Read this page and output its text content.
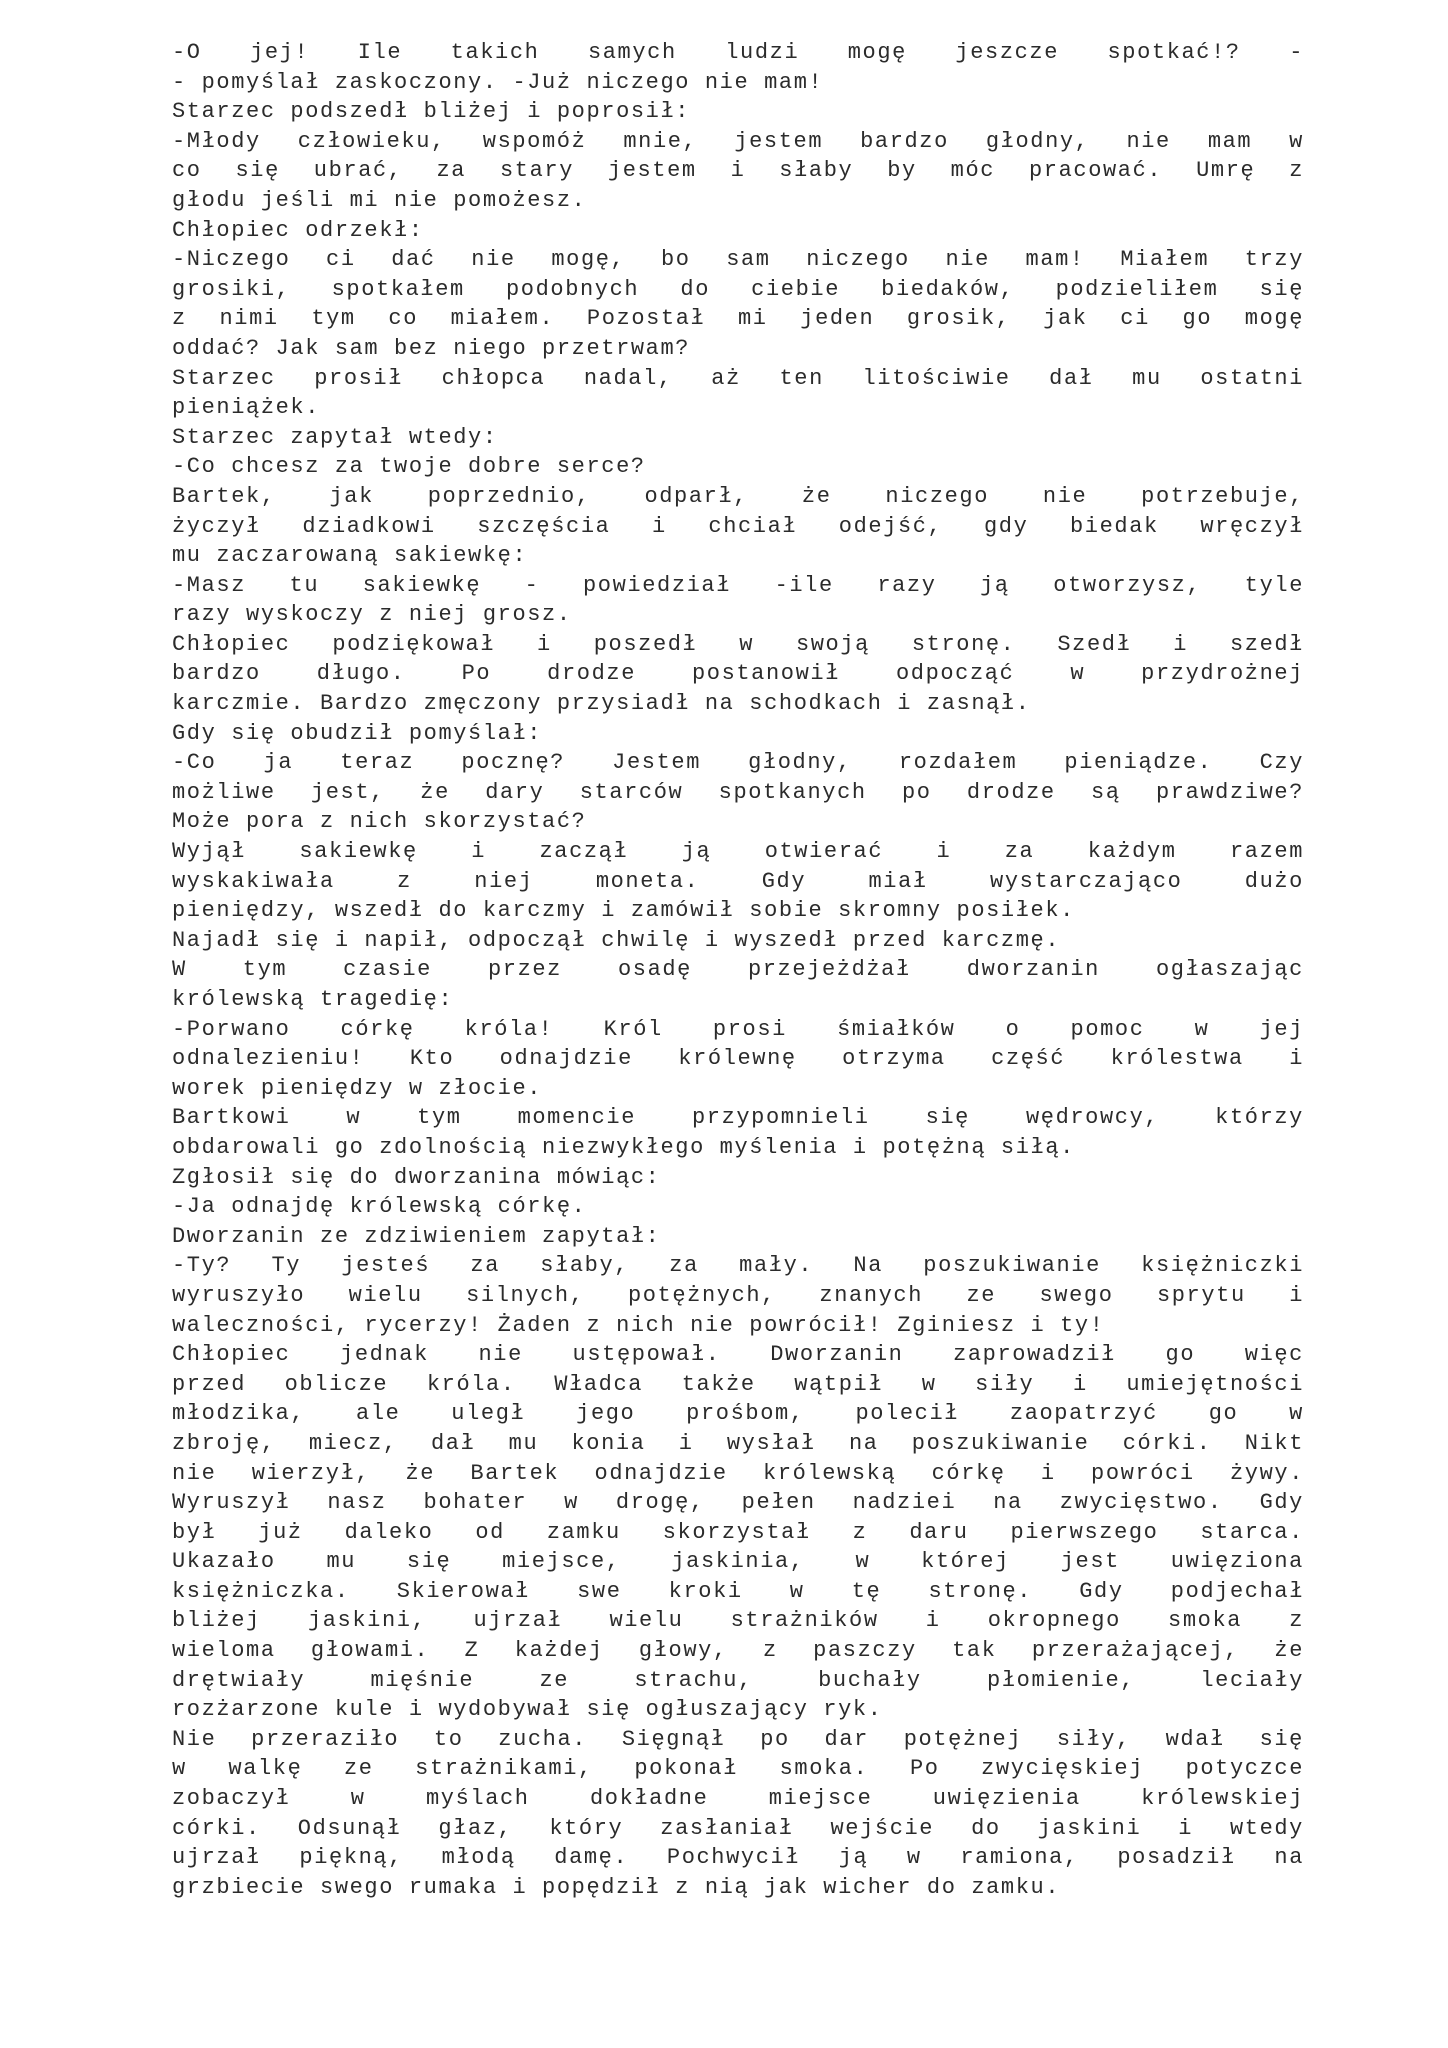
-O jej! Ile takich samych ludzi mogę jeszcze spotkać!? -
- pomyślał zaskoczony. -Już niczego nie mam!
Starzec podszedł bliżej i poprosił:
-Młody człowieku, wspomóż mnie, jestem bardzo głodny, nie mam w
co się ubrać, za stary jestem i słaby by móc pracować. Umrę z
głodu jeśli mi nie pomożesz.
Chłopiec odrzekł:
-Niczego ci dać nie mogę, bo sam niczego nie mam! Miałem trzy
grosiki, spotkałem podobnych do ciebie biedaków, podzieliłem się
z nimi tym co miałem. Pozostał mi jeden grosik, jak ci go mogę
oddać? Jak sam bez niego przetrwam?
Starzec prosił chłopca nadal, aż ten litościwie dał mu ostatni
pieniążek.
Starzec zapytał wtedy:
-Co chcesz za twoje dobre serce?
Bartek, jak poprzednio, odparł, że niczego nie potrzebuje,
życzył dziadkowi szczęścia i chciał odejść, gdy biedak wręczył
mu zaczarowaną sakiewkę:
-Masz tu sakiewkę - powiedział -ile razy ją otworzysz, tyle
razy wyskoczy z niej grosz.
Chłopiec podziękował i poszedł w swoją stronę. Szedł i szedł
bardzo długo. Po drodze postanowił odpocząć w przydrożnej
karczmie. Bardzo zmęczony przysiadł na schodkach i zasnął.
Gdy się obudził pomyślał:
-Co ja teraz pocznę? Jestem głodny, rozdałem pieniądze. Czy
możliwe jest, że dary starców spotkanych po drodze są prawdziwe?
Może pora z nich skorzystać?
Wyjął sakiewkę i zaczął ją otwierać i za każdym razem
wyskakiwała z niej moneta. Gdy miał wystarczająco dużo
pieniędzy, wszedł do karczmy i zamówił sobie skromny posiłek.
Najadł się i napił, odpoczął chwilę i wyszedł przed karczmę.
W tym czasie przez osadę przejeżdżał dworzanin ogłaszając
królewską tragedię:
-Porwano córkę króla! Król prosi śmiałków o pomoc w jej
odnalezieniu! Kto odnajdzie królewnę otrzyma część królestwa i
worek pieniędzy w złocie.
Bartkowi w tym momencie przypomnieli się wędrowcy, którzy
obdarowali go zdolnością niezwykłego myślenia i potężną siłą.
Zgłosił się do dworzanina mówiąc:
-Ja odnajdę królewską córkę.
Dworzanin ze zdziwieniem zapytał:
-Ty? Ty jesteś za słaby, za mały. Na poszukiwanie księżniczki
wyruszyło wielu silnych, potężnych, znanych ze swego sprytu i
waleczności, rycerzy! Żaden z nich nie powrócił! Zginiesz i ty!
Chłopiec jednak nie ustępował. Dworzanin zaprowadził go więc
przed oblicze króla. Władca także wątpił w siły i umiejętności
młodzika, ale uległ jego prośbom, polecił zaopatrzyć go w
zbroję, miecz, dał mu konia i wysłał na poszukiwanie córki. Nikt
nie wierzył, że Bartek odnajdzie królewską córkę i powróci żywy.
Wyruszył nasz bohater w drogę, pełen nadziei na zwycięstwo. Gdy
był już daleko od zamku skorzystał z daru pierwszego starca.
Ukazało mu się miejsce, jaskinia, w której jest uwięziona
księżniczka. Skierował swe kroki w tę stronę. Gdy podjechał
bliżej jaskini, ujrzał wielu strażników i okropnego smoka z
wieloma głowami. Z każdej głowy, z paszczy tak przerażającej, że
drętwiały mięśnie ze strachu, buchały płomienie, leciały
rozżarzone kule i wydobywał się ogłuszający ryk.
Nie przeraziło to zucha. Sięgnął po dar potężnej siły, wdał się
w walkę ze strażnikami, pokonał smoka. Po zwycięskiej potyczce
zobaczył w myślach dokładne miejsce uwięzienia królewskiej
córki. Odsunął głaz, który zasłaniał wejście do jaskini i wtedy
ujrzał piękną, młodą damę. Pochwycił ją w ramiona, posadził na
grzbiecie swego rumaka i popędził z nią jak wicher do zamku.
